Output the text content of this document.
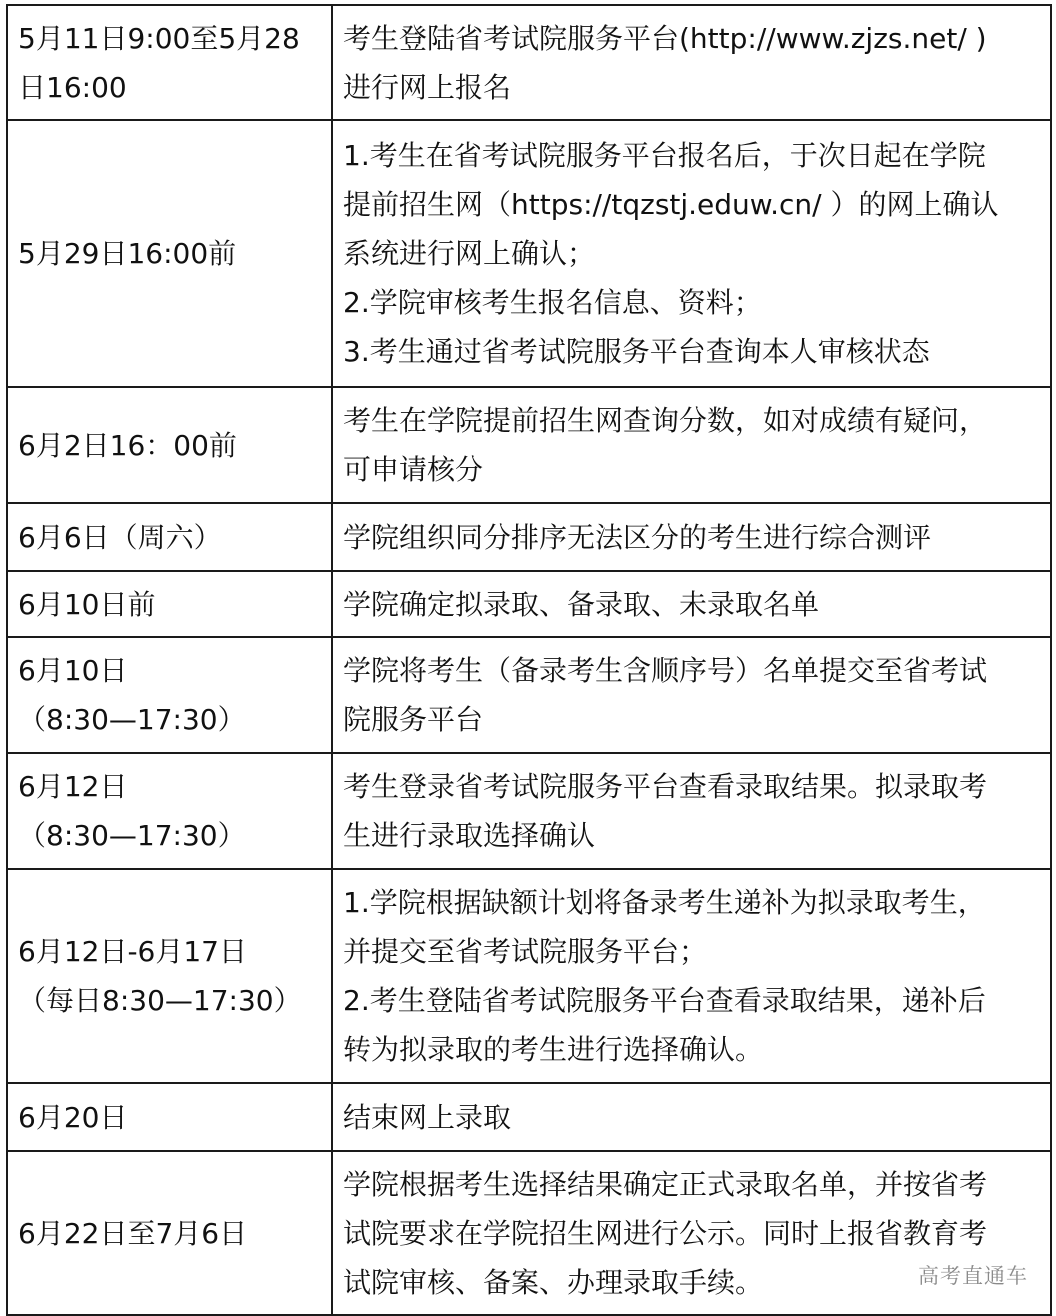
5月11日9:00至5月28
日16:00	考生登陆省考试院服务平台(http://www.zjzs.net/ )
进行网上报名

5月29日16:00前	1.考生在省考试院服务平台报名后，于次日起在学院
提前招生网（https://tqzstj.eduw.cn/ ）的网上确认
系统进行网上确认；
2.学院审核考生报名信息、资料；
3.考生通过省考试院服务平台查询本人审核状态

6月2日16：00前	考生在学院提前招生网查询分数，如对成绩有疑问，
可申请核分

6月6日（周六）	学院组织同分排序无法区分的考生进行综合测评

6月10日前	学院确定拟录取、备录取、未录取名单

6月10日
（8:30—17:30）	学院将考生（备录考生含顺序号）名单提交至省考试
院服务平台

6月12日
（8:30—17:30）	考生登录省考试院服务平台查看录取结果。拟录取考
生进行录取选择确认

6月12日-6月17日
（每日8:30—17:30）	1.学院根据缺额计划将备录考生递补为拟录取考生，
并提交至省考试院服务平台；
2.考生登陆省考试院服务平台查看录取结果，递补后
转为拟录取的考生进行选择确认。

6月20日	结束网上录取

6月22日至7月6日	学院根据考生选择结果确定正式录取名单，并按省考
试院要求在学院招生网进行公示。同时上报省教育考
试院审核、备案、办理录取手续。	高考直通车
